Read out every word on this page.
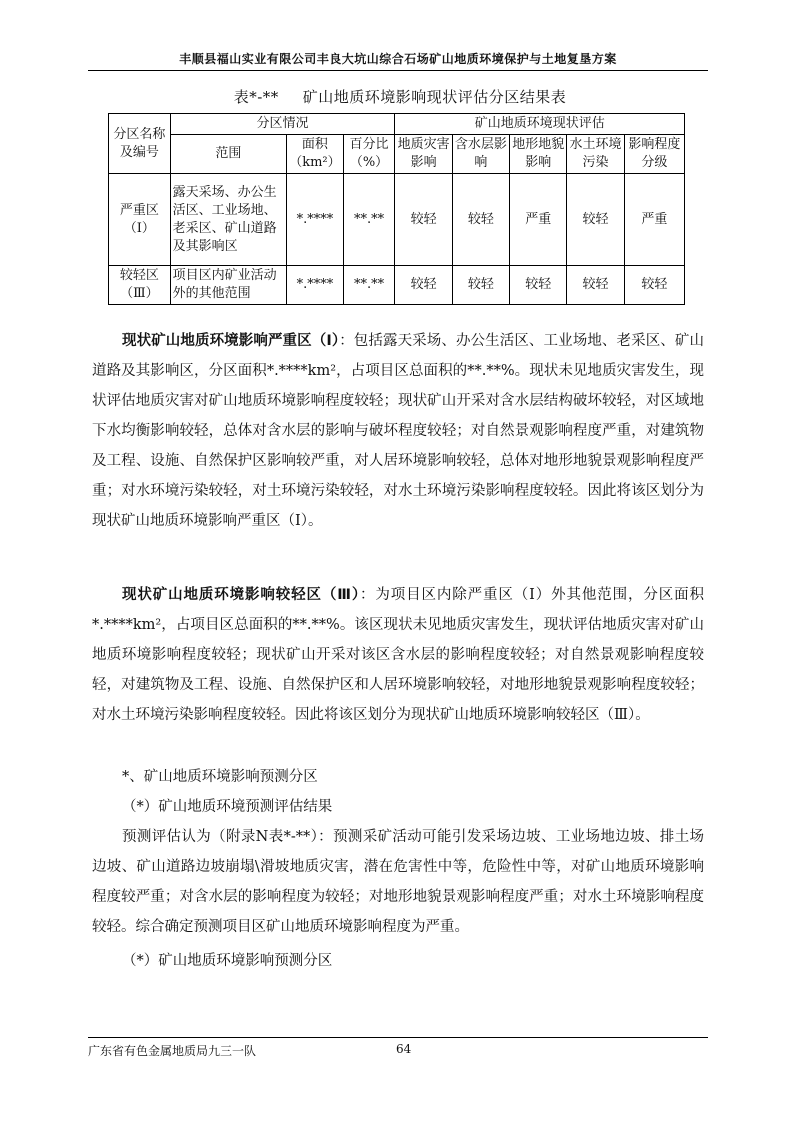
丰顺县福山实业有限公司丰良大坑山综合石场矿山地质环境保护与土地复垦方案
表*-** 矿山地质环境影响现状评估分区结果表
分区名称及编号	分区情况			矿山地质环境现状评估				
	范围	面积（km²）	百分比（%）	地质灾害影响	含水层影响	地形地貌影响	水土环境污染	影响程度分级
严重区（Ⅰ）	露天采场、办公生活区、工业场地、老采区、矿山道路及其影响区	*.****	**.**	较轻	较轻	严重	较轻	严重
较轻区（Ⅲ）	项目区内矿业活动外的其他范围	*.****	**.**	较轻	较轻	较轻	较轻	较轻
现状矿山地质环境影响严重区（Ⅰ）：包括露天采场、办公生活区、工业场地、老采区、矿山道路及其影响区，分区面积*.****km²，占项目区总面积的**.**%。现状未见地质灾害发生，现状评估地质灾害对矿山地质环境影响程度较轻；现状矿山开采对含水层结构破坏较轻，对区域地下水均衡影响较轻，总体对含水层的影响与破坏程度较轻；对自然景观影响程度严重，对建筑物及工程、设施、自然保护区影响较严重，对人居环境影响较轻，总体对地形地貌景观影响程度严重；对水环境污染较轻，对土环境污染较轻，对水土环境污染影响程度较轻。因此将该区划分为现状矿山地质环境影响严重区（Ⅰ）。
现状矿山地质环境影响较轻区（Ⅲ）：为项目区内除严重区（Ⅰ）外其他范围，分区面积*.****km²，占项目区总面积的**.**%。该区现状未见地质灾害发生，现状评估地质灾害对矿山地质环境影响程度较轻；现状矿山开采对该区含水层的影响程度较轻；对自然景观影响程度较轻，对建筑物及工程、设施、自然保护区和人居环境影响较轻，对地形地貌景观影响程度较轻；对水土环境污染影响程度较轻。因此将该区划分为现状矿山地质环境影响较轻区（Ⅲ）。
*、矿山地质环境影响预测分区
（*）矿山地质环境预测评估结果
预测评估认为（附录N表*-**）：预测采矿活动可能引发采场边坡、工业场地边坡、排土场边坡、矿山道路边坡崩塌\滑坡地质灾害，潜在危害性中等，危险性中等，对矿山地质环境影响程度较严重；对含水层的影响程度为较轻；对地形地貌景观影响程度严重；对水土环境影响程度较轻。综合确定预测项目区矿山地质环境影响程度为严重。
（*）矿山地质环境影响预测分区
广东省有色金属地质局九三一队	64
